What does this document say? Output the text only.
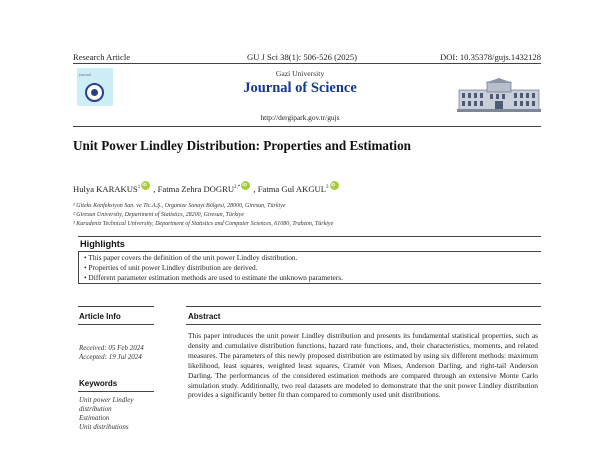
Research Article	GU J Sci 38(1): 506-526 (2025)	DOI: 10.35378/gujs.1432128
journal	Gazi University
Journal of Science
http://dergipark.gov.tr/gujs
Unit Power Lindley Distribution: Properties and Estimation
Hulya KARAKUS$^1$iD , Fatma Zehra $DOGRU^{2,*}iD$ , Fatma Gul AKGUL$^3$iD
¹ Giteks Konfeksiyon San. ve Tic.A.Ş., Organize Sanayi Bölgesi, 28000, Giresun, Türkiye
² Giresun University, Department of Statistics, 28200, Giresun, Türkiye
³ Karadeniz Technical University, Department of Statistics and Computer Sciences, 61080, Trabzon, Türkiye
Highlights
• This paper covers the definition of the unit power Lindley distribution.
• Properties of unit power Lindley distribution are derived.
• Different parameter estimation methods are used to estimate the unknown parameters.
Article Info
Received: 05 Feb 2024
Accepted: 19 Jul 2024
Keywords
Unit power Lindley
distribution
Estimation
Unit distributions
Abstract

This paper introduces the unit power Lindley distribution and presents its fundamental statistical properties, such as density and cumulative distribution functions, hazard rate functions, and, their characteristics, moments, and related measures. The parameters of this newly proposed distribution are estimated by using six different methods: maximum likelihood, least squares, weighted least squares, Cramér von Mises, Anderson Darling, and right-tail Anderson Darling. The performances of the considered estimation methods are compared through an extensive Monte Carlo simulation study. Additionally, two real datasets are modeled to demonstrate that the unit power Lindley distribution provides a significantly better fit than compared to commonly used unit distributions.
